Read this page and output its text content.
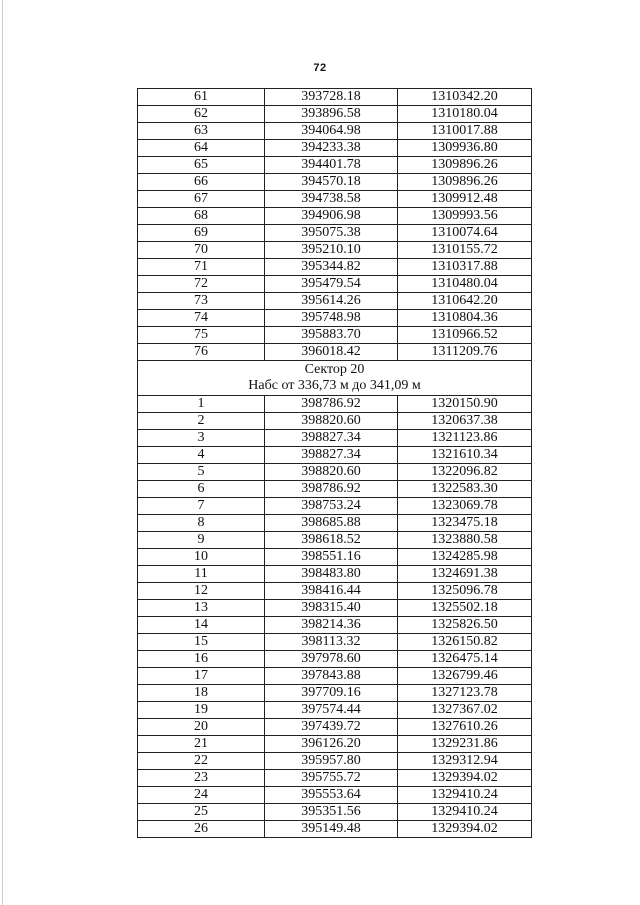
72
61	393728.18	1310342.20
62	393896.58	1310180.04
63	394064.98	1310017.88
64	394233.38	1309936.80
65	394401.78	1309896.26
66	394570.18	1309896.26
67	394738.58	1309912.48
68	394906.98	1309993.56
69	395075.38	1310074.64
70	395210.10	1310155.72
71	395344.82	1310317.88
72	395479.54	1310480.04
73	395614.26	1310642.20
74	395748.98	1310804.36
75	395883.70	1310966.52
76	396018.42	1311209.76

Сектор 20
Набс от 336,73 м до 341,09 м		

1	398786.92	1320150.90
2	398820.60	1320637.38
3	398827.34	1321123.86
4	398827.34	1321610.34
5	398820.60	1322096.82
6	398786.92	1322583.30
7	398753.24	1323069.78
8	398685.88	1323475.18
9	398618.52	1323880.58
10	398551.16	1324285.98
11	398483.80	1324691.38
12	398416.44	1325096.78
13	398315.40	1325502.18
14	398214.36	1325826.50
15	398113.32	1326150.82
16	397978.60	1326475.14
17	397843.88	1326799.46
18	397709.16	1327123.78
19	397574.44	1327367.02
20	397439.72	1327610.26
21	396126.20	1329231.86
22	395957.80	1329312.94
23	395755.72	1329394.02
24	395553.64	1329410.24
25	395351.56	1329410.24
26	395149.48	1329394.02
